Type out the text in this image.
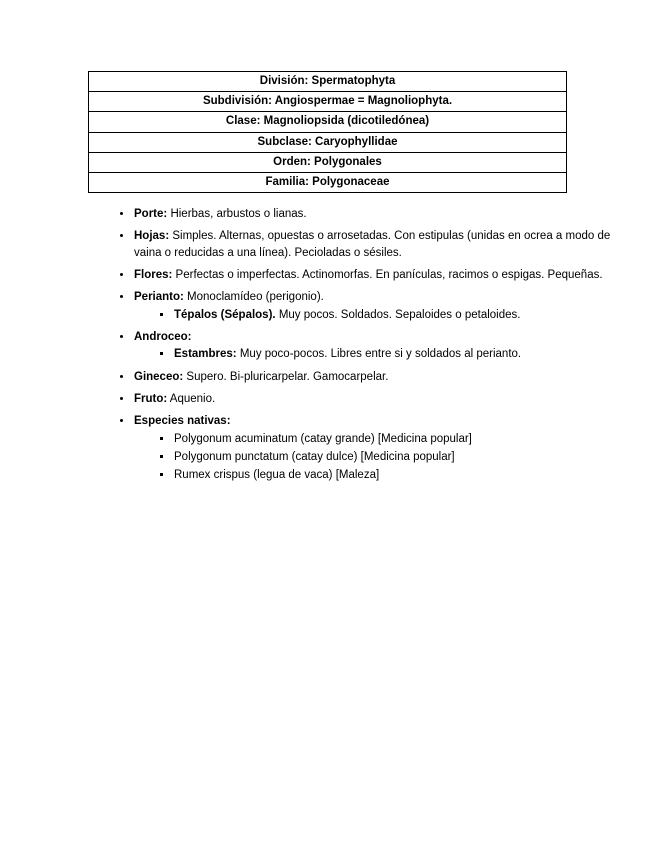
División: Spermatophyta
Subdivisión: Angiospermae = Magnoliophyta.
Clase: Magnoliopsida (dicotiledónea)
Subclase: Caryophyllidae
Orden: Polygonales
Familia: Polygonaceae
• Porte: Hierbas, arbustos o lianas.
• Hojas: Simples. Alternas, opuestas o arrosetadas. Con estipulas (unidas en ocrea a modo de vaina o reducidas a una línea). Pecioladas o sésiles.
• Flores: Perfectas o imperfectas. Actinomorfas. En panículas, racimos o espigas. Pequeñas.
• Perianto: Monoclamídeo (perigonio).
▪ Tépalos (Sépalos). Muy pocos. Soldados. Sepaloides o petaloides.
• Androceo:
▪ Estambres: Muy poco-pocos. Libres entre si y soldados al perianto.
• Gineceo: Supero. Bi-pluricarpelar. Gamocarpelar.
• Fruto: Aquenio.
• Especies nativas:
▪ Polygonum acuminatum (catay grande) [Medicina popular]
▪ Polygonum punctatum (catay dulce) [Medicina popular]
▪ Rumex crispus (legua de vaca) [Maleza]
